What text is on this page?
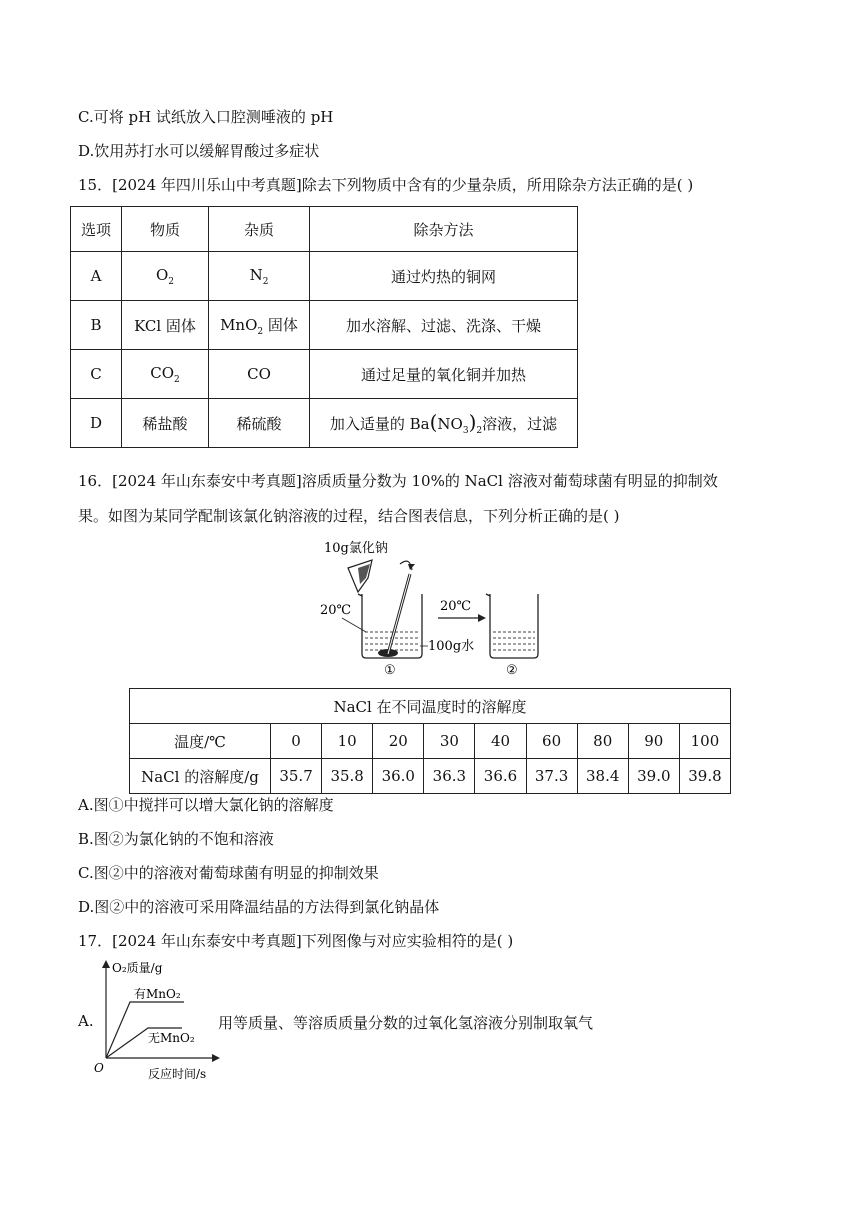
C.可将 pH 试纸放入口腔测唾液的 pH
D.饮用苏打水可以缓解胃酸过多症状
15．[2024 年四川乐山中考真题]除去下列物质中含有的少量杂质，所用除杂方法正确的是( )
选项	物质	杂质	除杂方法
A	$O_2$	$N_2$	通过灼热的铜网
B	KCl 固体	MnO$_2$ 固体	加水溶解、过滤、洗涤、干燥
C	$CO_2$	CO	通过足量的氧化铜并加热
D	稀盐酸	稀硫酸	加入适量的 $Ba(NO_3)_2$溶液，过滤
16．[2024 年山东泰安中考真题]溶质质量分数为 10%的 NaCl 溶液对葡萄球菌有明显的抑制效
果。如图为某同学配制该氯化钠溶液的过程，结合图表信息，下列分析正确的是( )
10g氯化钠
20℃
100g水
①
20℃
②
NaCl 在不同温度时的溶解度									
温度/℃	0	10	20	30	40	60	80	90	100
NaCl 的溶解度/g	35.7	35.8	36.0	36.3	36.6	37.3	38.4	39.0	39.8
A.图①中搅拌可以增大氯化钠的溶解度
B.图②为氯化钠的不饱和溶液
C.图②中的溶液对葡萄球菌有明显的抑制效果
D.图②中的溶液可采用降温结晶的方法得到氯化钠晶体
17．[2024 年山东泰安中考真题]下列图像与对应实验相符的是( )
A.
O₂质量/g
反应时间/s
O
有MnO₂
无MnO₂
用等质量、等溶质质量分数的过氧化氢溶液分别制取氧气
